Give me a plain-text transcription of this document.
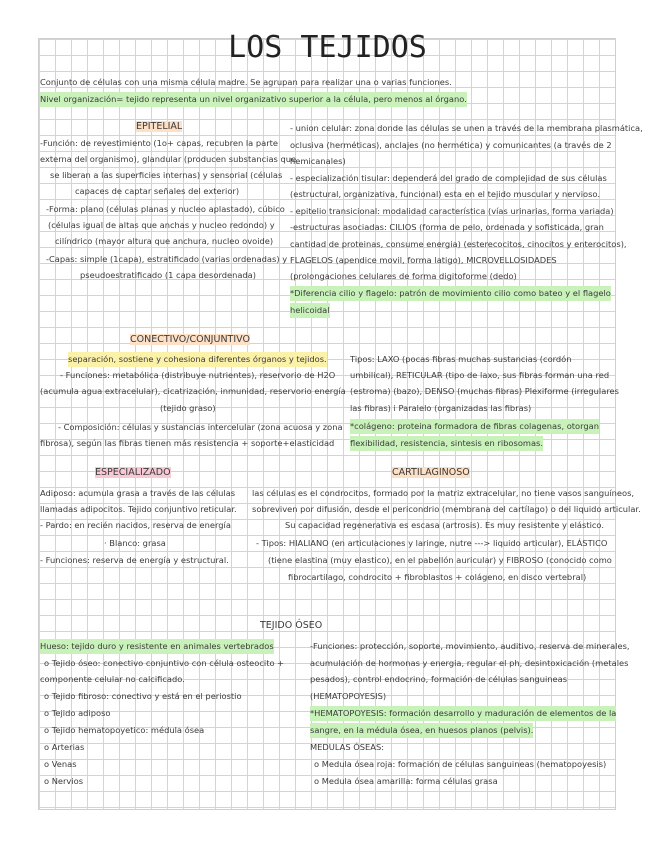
LOS TEJIDOS
Conjunto de células con una misma célula madre. Se agrupan para realizar una o varias funciones.
Nivel organización= tejido representa un nivel organizativo superior a la célula, pero menos al órgano.
EPITELIAL
-Función: de revestimiento (1o+ capas, recubren la parte
externa del organismo), glandular (producen substancias que
se liberan a las superficies internas) y sensorial (células
capaces de captar señales del exterior)
-Forma: plano (células planas y nucleo aplastado), cúbico
(células igual de altas que anchas y nucleo redondo) y
cilíndrico (mayor altura que anchura, nucleo ovoide)
-Capas: simple (1capa), estratificado (varias ordenadas) y
pseudoestratificado (1 capa desordenada)
- union celular: zona donde las células se unen a través de la membrana plasmática,
oclusiva (herméticas), anclajes (no hermética) y comunicantes (a través de 2
hemicanales)
- especialización tisular: dependerá del grado de complejidad de sus células
(estructural, organizativa, funcional) esta en el tejido muscular y nervioso.
- epitelio transicional: modalidad característica (vías urinarias, forma variada)
-estructuras asociadas: CILIOS (forma de pelo, ordenada y sofisticada, gran
cantidad de proteinas, consume energia) (esterecocitos, cinocitos y enterocitos),
FLAGELOS (apendice movil, forma latigo), MICROVELLOSIDADES
(prolongaciones celulares de forma digitoforme (dedo)
*Diferencia cilio y flagelo: patrón de movimiento cilio como bateo y el flagelo
helicoidal
CONECTIVO/CONJUNTIVO
separación, sostiene y cohesiona diferentes órganos y tejidos.
- Funciones: metabólica (distribuye nutrientes), reservorio de H2O
(acumula agua extracelular), cicatrización, inmunidad, reservorio energía
(tejido graso)
- Composición: células y sustancias intercelular (zona acuosa y zona
fibrosa), según las fibras tienen más resistencia + soporte+elasticidad
Tipos: LAXO (pocas fibras muchas sustancias (cordón
umbilical), RETICULAR (tipo de laxo, sus fibras forman una red
(estroma) (bazo), DENSO (muchas fibras) Plexiforme (irregulares
las fibras) i Paralelo (organizadas las fibras)
*colágeno: proteina formadora de fibras colagenas, otorgan
flexibilidad, resistencia, sintesis en ribosomas.
ESPECIALIZADO
Adiposo: acumula grasa a través de las células
llamadas adipocitos. Tejido conjuntivo reticular.
- Pardo: en recién nacidos, reserva de energía
· Blanco: grasa
- Funciones: reserva de energía y estructural.
CARTILAGINOSO
las células es el condrocitos, formado por la matriz extracelular, no tiene vasos sanguíneos,
sobreviven por difusión, desde el pericondrio (membrana del cartílago) o del liquido articular.
Su capacidad regenerativa es escasa (artrosis). Es muy resistente y elástico.
- Tipos: HIALIANO (en articulaciones y laringe, nutre ---> liquido articular), ELÁSTICO
(tiene elastina (muy elastico), en el pabellón auricular) y FIBROSO (conocido como
fibrocartilago, condrocito + fibroblastos + colágeno, en disco vertebral)
TEJIDO ÓSEO
Hueso: tejido duro y resistente en animales vertebrados
o Tejido óseo: conectivo conjuntivo con célula osteocito +
componente celular no calcificado.
o Tejido fibroso: conectivo y está en el periostio
o Tejido adiposo
o Tejido hematopoyetico: médula ósea
o Arterias
o Venas
o Nervios
-Funciones: protección, soporte, movimiento, auditivo, reserva de minerales,
acumulación de hormonas y energia, regular el ph, desintoxicación (metales
pesados), control endocrino, formación de células sanguineas
(HEMATOPOYESIS)
*HEMATOPOYESIS: formación desarrollo y maduración de elementos de la
sangre, en la médula ósea, en huesos planos (pelvis).
MEDULAS ÓSEAS:
o Medula ósea roja: formación de células sanguineas (hematopoyesis)
o Medula ósea amarilla: forma células grasa
